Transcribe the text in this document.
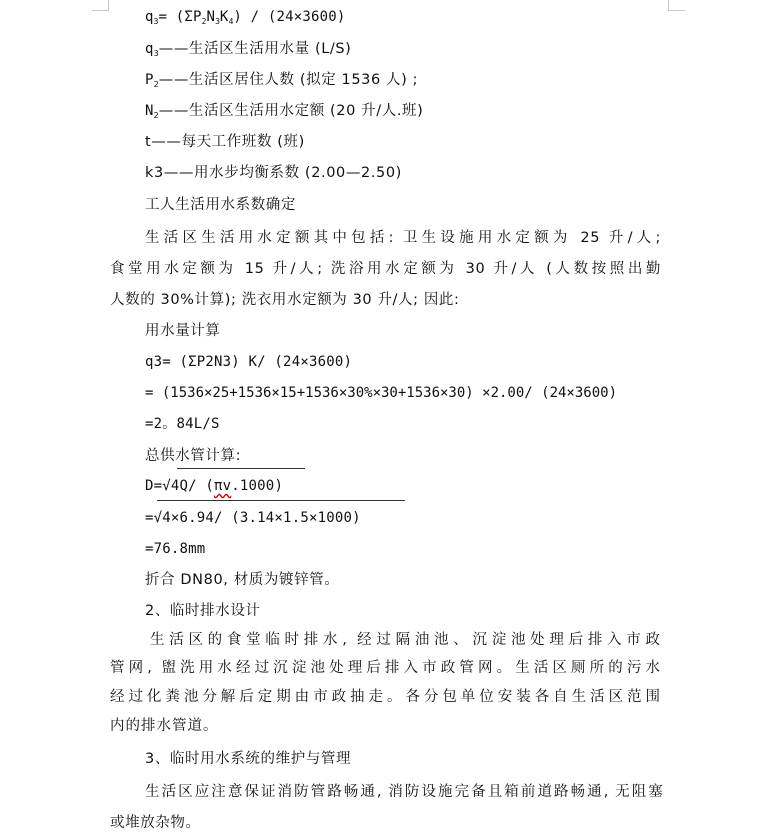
$q_3= (\Sigma P_2N_3K_4) / (24\times 3600)$
$q_3——$生活区生活用水量 (L/S)
$P_2——$生活区居住人数 (拟定 1536 人) ;
$N_2——$生活区生活用水定额 (20 升/人.班)
t——每天工作班数 (班)
k3——用水步均衡系数 (2.00—2.50)
工人生活用水系数确定
生活区生活用水定额其中包括: 卫生设施用水定额为 25 升/人;
食堂用水定额为 15 升/人; 洗浴用水定额为 30 升/人 (人数按照出勤
人数的 30%计算); 洗衣用水定额为 30 升/人; 因此:
用水量计算
q3= (ΣP2N3) K/ (24×3600)
= (1536×25+1536×15+1536×30%×30+1536×30) ×2.00/ (24×3600)
=2。84L/S
总供水管计算:
D=√4Q/ (πv.1000)
=√4×6.94/ (3.14×1.5×1000)
=76.8mm
折合 DN80, 材质为镀锌管。
2、临时排水设计
生活区的食堂临时排水, 经过隔油池、沉淀池处理后排入市政
管网, 盥洗用水经过沉淀池处理后排入市政管网。生活区厕所的污水
经过化粪池分解后定期由市政抽走。各分包单位安装各自生活区范围
内的排水管道。
3、临时用水系统的维护与管理
生活区应注意保证消防管路畅通, 消防设施完备且箱前道路畅通, 无阻塞
或堆放杂物。
